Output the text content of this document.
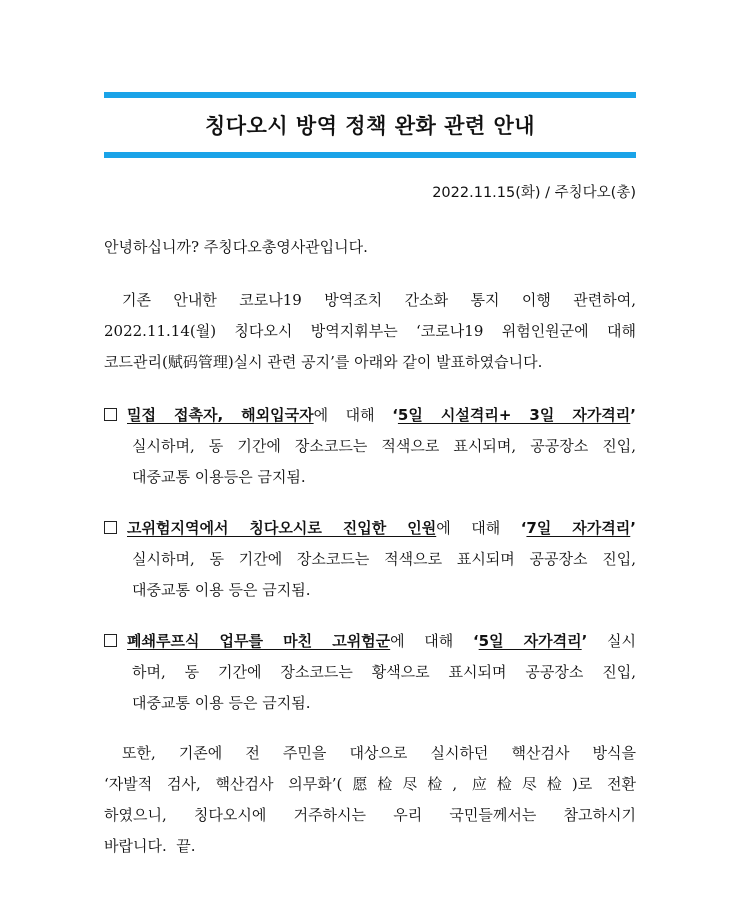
칭다오시 방역 정책 완화 관련 안내
2022.11.15(화) / 주칭다오(총)
안녕하십니까? 주칭다오총영사관입니다.
기존 안내한 코로나19 방역조치 간소화 통지 이행 관련하여,
2022.11.14(월) 칭다오시 방역지휘부는 ‘코로나19 위험인원군에 대해
코드관리(赋码管理)실시 관련 공지’를 아래와 같이 발표하였습니다.
밀접 접촉자, 해외입국자에 대해 ‘5일 시설격리+ 3일 자가격리’
실시하며, 동 기간에 장소코드는 적색으로 표시되며, 공공장소 진입,
대중교통 이용등은 금지됨.
고위험지역에서 칭다오시로 진입한 인원에 대해 ‘7일 자가격리’
실시하며, 동 기간에 장소코드는 적색으로 표시되며 공공장소 진입,
대중교통 이용 등은 금지됨.
폐쇄루프식 업무를 마친 고위험군에 대해 ‘5일 자가격리’ 실시
하며, 동 기간에 장소코드는 황색으로 표시되며 공공장소 진입,
대중교통 이용 등은 금지됨.
또한, 기존에 전 주민을 대상으로 실시하던 핵산검사 방식을
‘자발적 검사, 핵산검사 의무화’(愿检尽检, 应检尽检)로 전환
하였으니, 칭다오시에 거주하시는 우리 국민들께서는 참고하시기
바랍니다.  끝.
